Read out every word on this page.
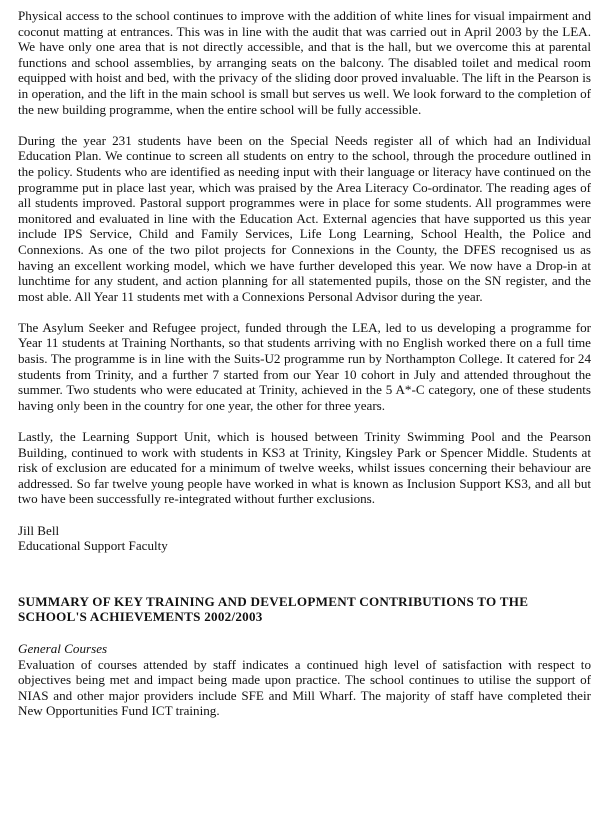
Physical access to the school continues to improve with the addition of white lines for visual impairment and coconut matting at entrances. This was in line with the audit that was carried out in April 2003 by the LEA. We have only one area that is not directly accessible, and that is the hall, but we overcome this at parental functions and school assemblies, by arranging seats on the balcony. The disabled toilet and medical room equipped with hoist and bed, with the privacy of the sliding door proved invaluable. The lift in the Pearson is in operation, and the lift in the main school is small but serves us well. We look forward to the completion of the new building programme, when the entire school will be fully accessible.

During the year 231 students have been on the Special Needs register all of which had an Individual Education Plan. We continue to screen all students on entry to the school, through the procedure outlined in the policy. Students who are identified as needing input with their language or literacy have continued on the programme put in place last year, which was praised by the Area Literacy Co-ordinator. The reading ages of all students improved. Pastoral support programmes were in place for some students. All programmes were monitored and evaluated in line with the Education Act. External agencies that have supported us this year include IPS Service, Child and Family Services, Life Long Learning, School Health, the Police and Connexions. As one of the two pilot projects for Connexions in the County, the DFES recognised us as having an excellent working model, which we have further developed this year. We now have a Drop-in at lunchtime for any student, and action planning for all statemented pupils, those on the SN register, and the most able. All Year 11 students met with a Connexions Personal Advisor during the year.

The Asylum Seeker and Refugee project, funded through the LEA, led to us developing a programme for Year 11 students at Training Northants, so that students arriving with no English worked there on a full time basis. The programme is in line with the Suits-U2 programme run by Northampton College. It catered for 24 students from Trinity, and a further 7 started from our Year 10 cohort in July and attended throughout the summer. Two students who were educated at Trinity, achieved in the 5 A*-C category, one of these students having only been in the country for one year, the other for three years.

Lastly, the Learning Support Unit, which is housed between Trinity Swimming Pool and the Pearson Building, continued to work with students in KS3 at Trinity, Kingsley Park or Spencer Middle. Students at risk of exclusion are educated for a minimum of twelve weeks, whilst issues concerning their behaviour are addressed. So far twelve young people have worked in what is known as Inclusion Support KS3, and all but two have been successfully re-integrated without further exclusions.

Jill Bell
Educational Support Faculty
SUMMARY OF KEY TRAINING AND DEVELOPMENT CONTRIBUTIONS TO THE SCHOOL'S ACHIEVEMENTS 2002/2003
General Courses

Evaluation of courses attended by staff indicates a continued high level of satisfaction with respect to objectives being met and impact being made upon practice. The school continues to utilise the support of NIAS and other major providers include SFE and Mill Wharf. The majority of staff have completed their New Opportunities Fund ICT training.
